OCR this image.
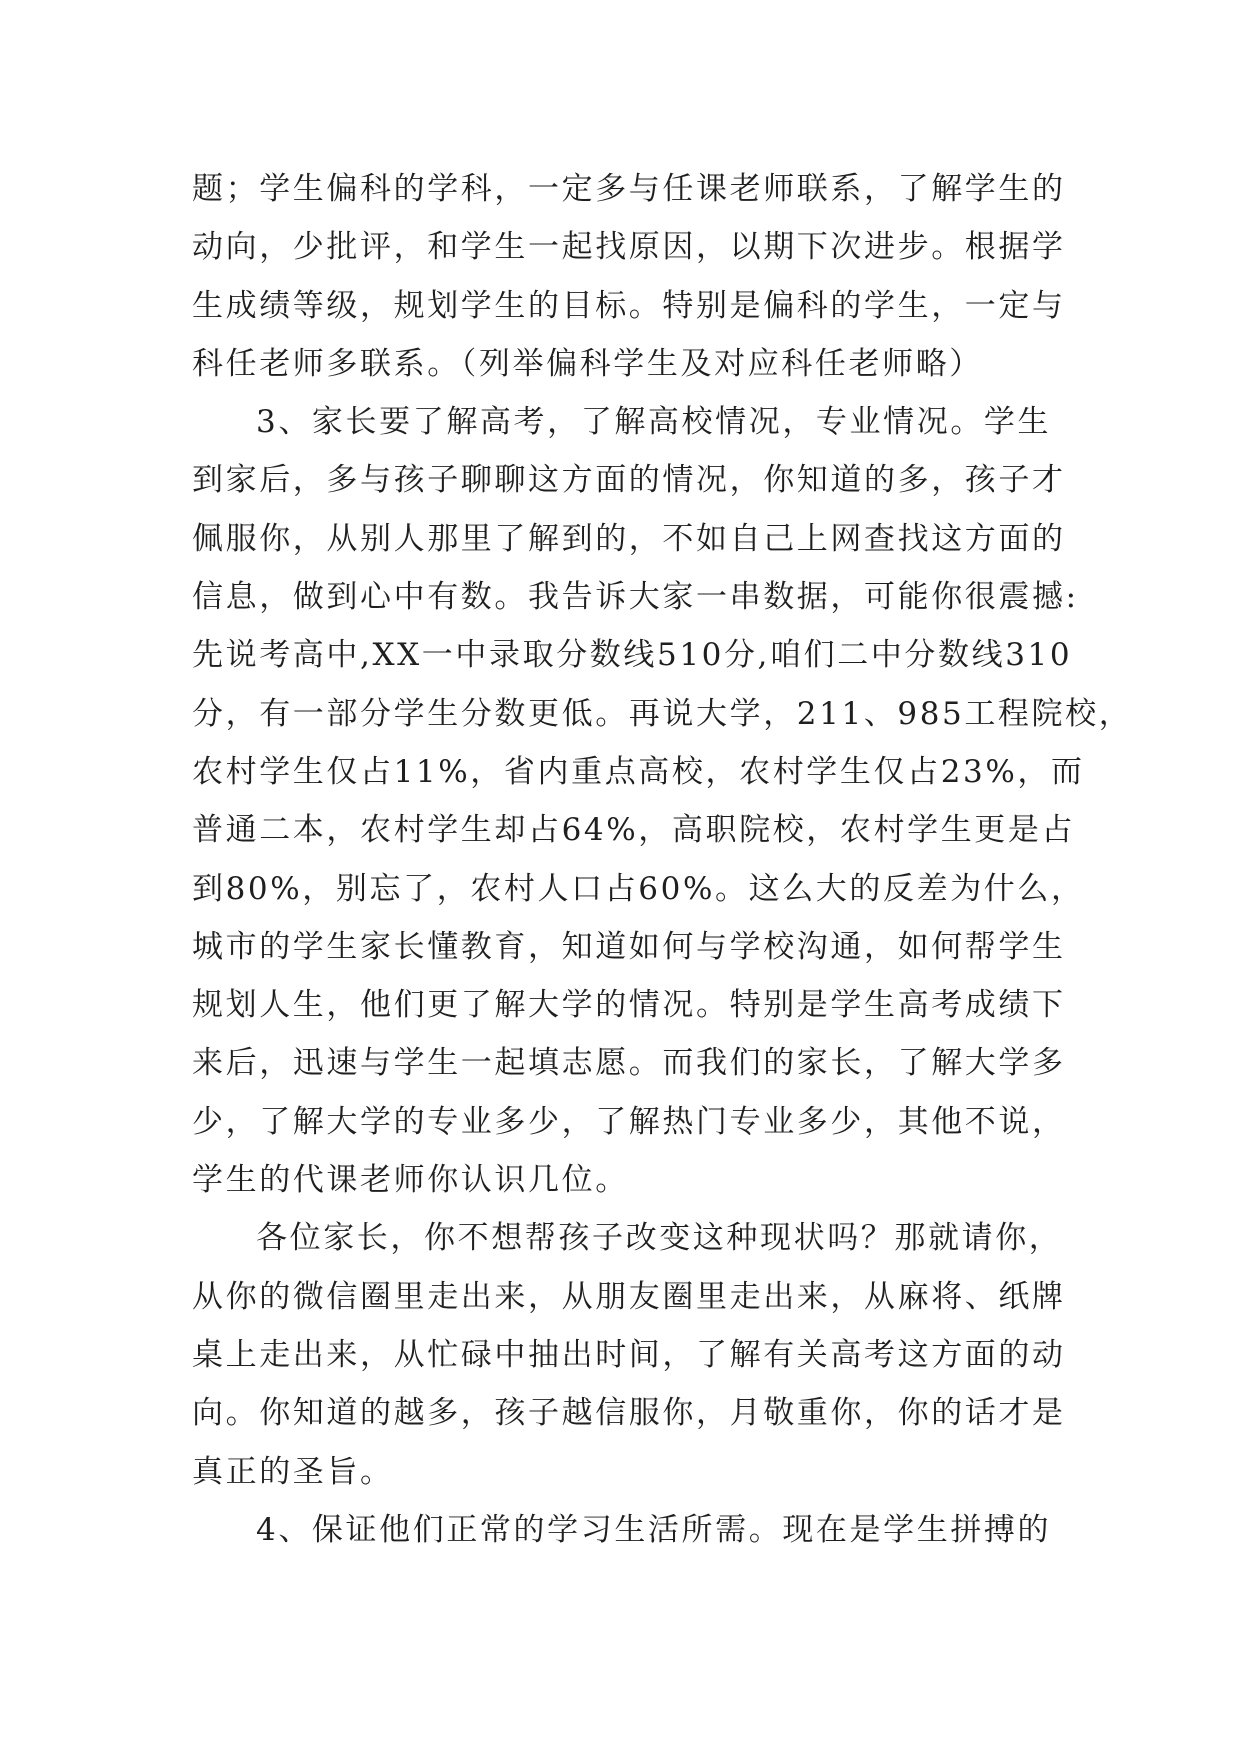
题；学生偏科的学科，一定多与任课老师联系，了解学生的
动向，少批评，和学生一起找原因，以期下次进步。根据学
生成绩等级，规划学生的目标。特别是偏科的学生，一定与
科任老师多联系。（列举偏科学生及对应科任老师略）
3、家长要了解高考，了解高校情况，专业情况。学生
到家后，多与孩子聊聊这方面的情况，你知道的多，孩子才
佩服你，从别人那里了解到的，不如自己上网查找这方面的
信息，做到心中有数。我告诉大家一串数据，可能你很震撼:
先说考高中,XX一中录取分数线510分,咱们二中分数线310
分，有一部分学生分数更低。再说大学，211、985工程院校，
农村学生仅占11%，省内重点高校，农村学生仅占23%，而
普通二本，农村学生却占64%，高职院校，农村学生更是占
到80%，别忘了，农村人口占60%。这么大的反差为什么，
城市的学生家长懂教育，知道如何与学校沟通，如何帮学生
规划人生，他们更了解大学的情况。特别是学生高考成绩下
来后，迅速与学生一起填志愿。而我们的家长，了解大学多
少，了解大学的专业多少，了解热门专业多少，其他不说，
学生的代课老师你认识几位。
各位家长，你不想帮孩子改变这种现状吗？那就请你，
从你的微信圈里走出来，从朋友圈里走出来，从麻将、纸牌
桌上走出来，从忙碌中抽出时间，了解有关高考这方面的动
向。你知道的越多，孩子越信服你，月敬重你，你的话才是
真正的圣旨。
4、保证他们正常的学习生活所需。现在是学生拼搏的
